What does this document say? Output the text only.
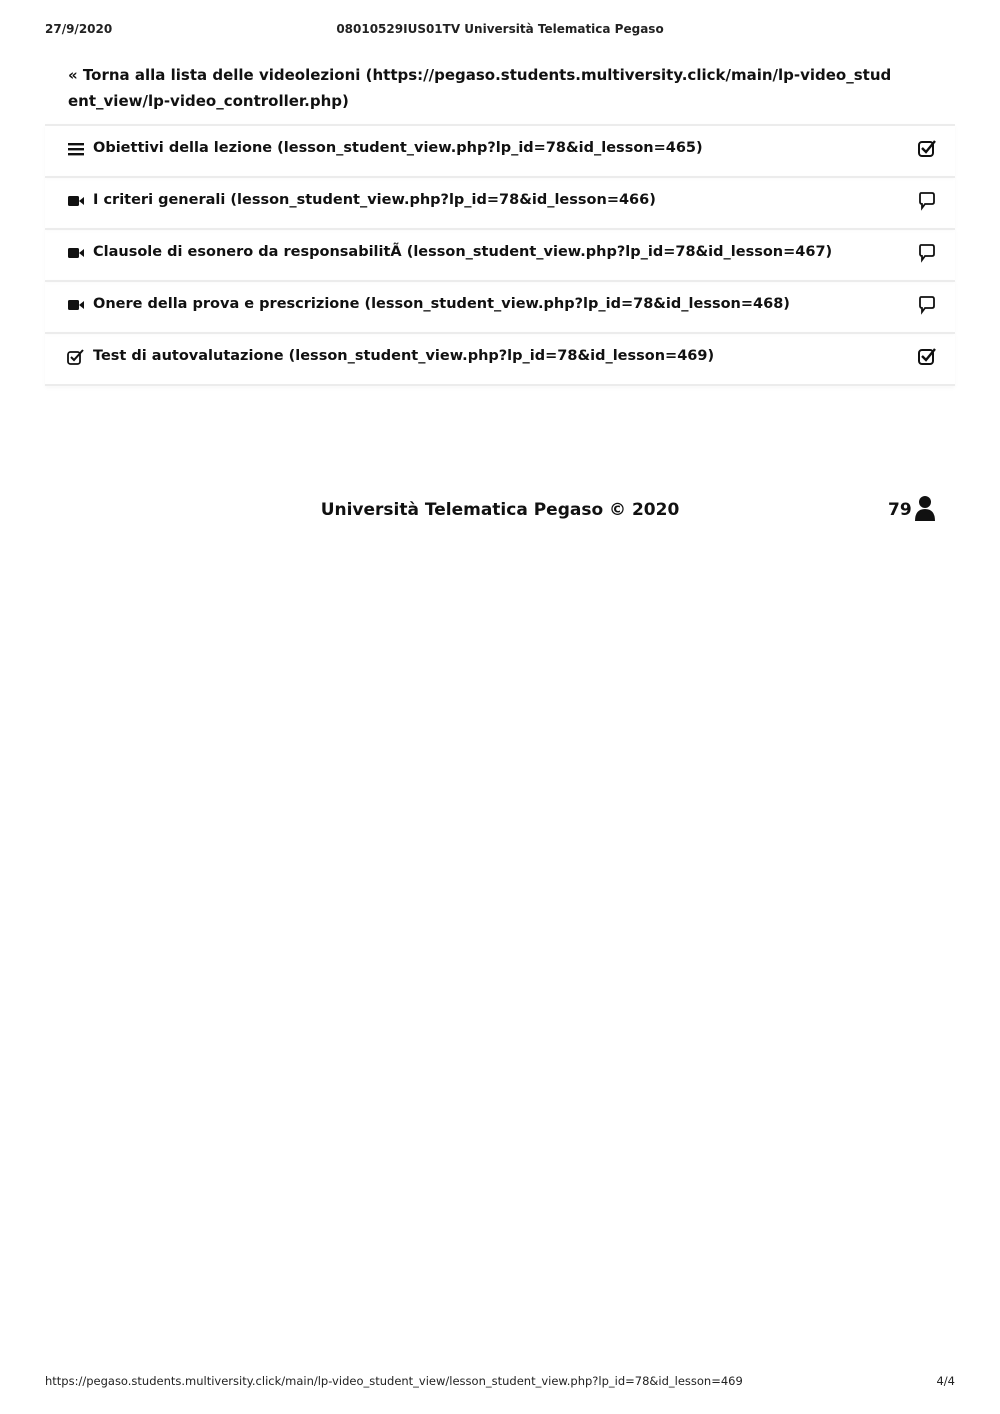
27/9/2020	08010529IUS01TV Università Telematica Pegaso
« Torna alla lista delle videolezioni (https://pegaso.students.multiversity.click/main/lp-video_student_view/lp-video_controller.php)
Obiettivi della lezione (lesson_student_view.php?lp_id=78&id_lesson=465)
I criteri generali (lesson_student_view.php?lp_id=78&id_lesson=466)
Clausole di esonero da responsabilitÃ (lesson_student_view.php?lp_id=78&id_lesson=467)
Onere della prova e prescrizione (lesson_student_view.php?lp_id=78&id_lesson=468)
Test di autovalutazione (lesson_student_view.php?lp_id=78&id_lesson=469)
Università Telematica Pegaso © 2020	79
https://pegaso.students.multiversity.click/main/lp-video_student_view/lesson_student_view.php?lp_id=78&id_lesson=469	4/4
